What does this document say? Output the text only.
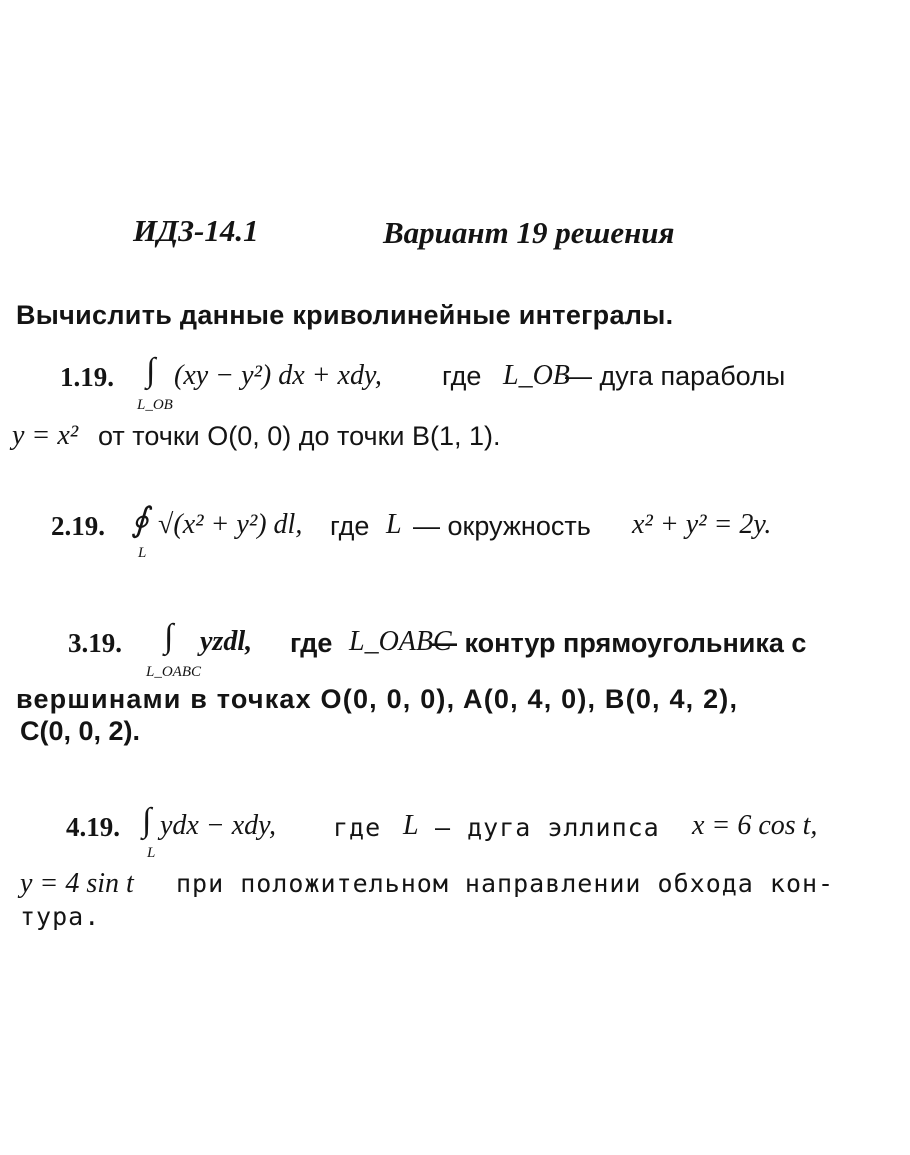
ИДЗ-14.1	Вариант 19 решения
Вычислить данные криволинейные интегралы.
1.19. ∫
L_OB
(xy − y²) dx + xdy, где L_OB
— дуга параболы
y = x² от точки O(0, 0) до точки B(1, 1).
2.19. ∮
L
√(x² + y²) dl, где L — окружность x² + y² = 2y.
3.19. ∫
L_OABC
yzdl, где L_OABC
— контур прямоугольника с
вершинами в точках O(0, 0, 0), A(0, 4, 0), B(0, 4, 2),
C(0, 0, 2).
4.19. ∫
L
ydx − xdy, где L — дуга эллипса x = 6 cos t,
y = 4 sin t при положительном направлении обхода кон-
тура.
